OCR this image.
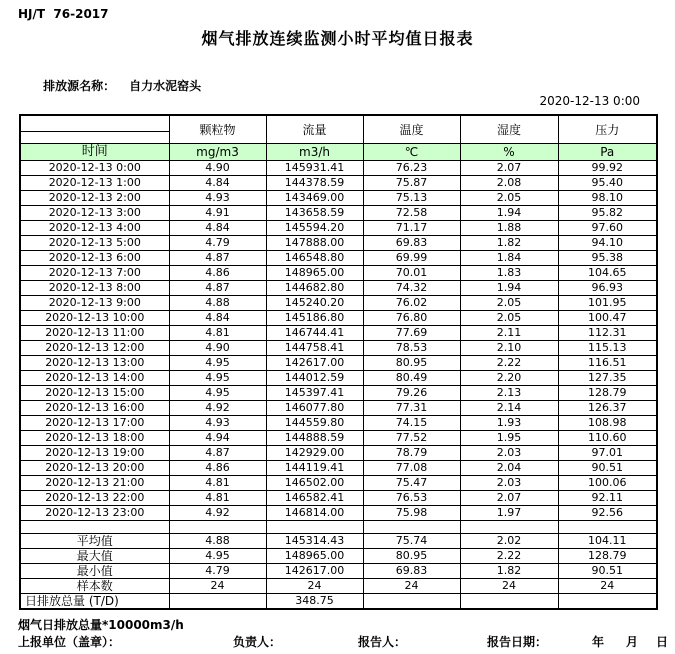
HJ/T  76-2017
烟气排放连续监测小时平均值日报表

排放源名称： 自力水泥窑头

2020-12-13 0:00
	颗粒物	流量	温度	湿度	压力

时间	mg/m3	m3/h	℃	%	Pa
2020-12-13 0:00	4.90	145931.41	76.23	2.07	99.92
2020-12-13 1:00	4.84	144378.59	75.87	2.08	95.40
2020-12-13 2:00	4.93	143469.00	75.13	2.05	98.10
2020-12-13 3:00	4.91	143658.59	72.58	1.94	95.82
2020-12-13 4:00	4.84	145594.20	71.17	1.88	97.60
2020-12-13 5:00	4.79	147888.00	69.83	1.82	94.10
2020-12-13 6:00	4.87	146548.80	69.99	1.84	95.38
2020-12-13 7:00	4.86	148965.00	70.01	1.83	104.65
2020-12-13 8:00	4.87	144682.80	74.32	1.94	96.93
2020-12-13 9:00	4.88	145240.20	76.02	2.05	101.95
2020-12-13 10:00	4.84	145186.80	76.80	2.05	100.47
2020-12-13 11:00	4.81	146744.41	77.69	2.11	112.31
2020-12-13 12:00	4.90	144758.41	78.53	2.10	115.13
2020-12-13 13:00	4.95	142617.00	80.95	2.22	116.51
2020-12-13 14:00	4.95	144012.59	80.49	2.20	127.35
2020-12-13 15:00	4.95	145397.41	79.26	2.13	128.79
2020-12-13 16:00	4.92	146077.80	77.31	2.14	126.37
2020-12-13 17:00	4.93	144559.80	74.15	1.93	108.98
2020-12-13 18:00	4.94	144888.59	77.52	1.95	110.60
2020-12-13 19:00	4.87	142929.00	78.79	2.03	97.01
2020-12-13 20:00	4.86	144119.41	77.08	2.04	90.51
2020-12-13 21:00	4.81	146502.00	75.47	2.03	100.06
2020-12-13 22:00	4.81	146582.41	76.53	2.07	92.11
2020-12-13 23:00	4.92	146814.00	75.98	1.97	92.56

平均值	4.88	145314.43	75.74	2.02	104.11
最大值	4.95	148965.00	80.95	2.22	128.79
最小值	4.79	142617.00	69.83	1.82	90.51
样本数	24	24	24	24	24
日排放总量 (T/D)		348.75			
烟气日排放总量*10000m3/h
上报单位（盖章）：	负责人：	报告人：	报告日期：	年 月 日
